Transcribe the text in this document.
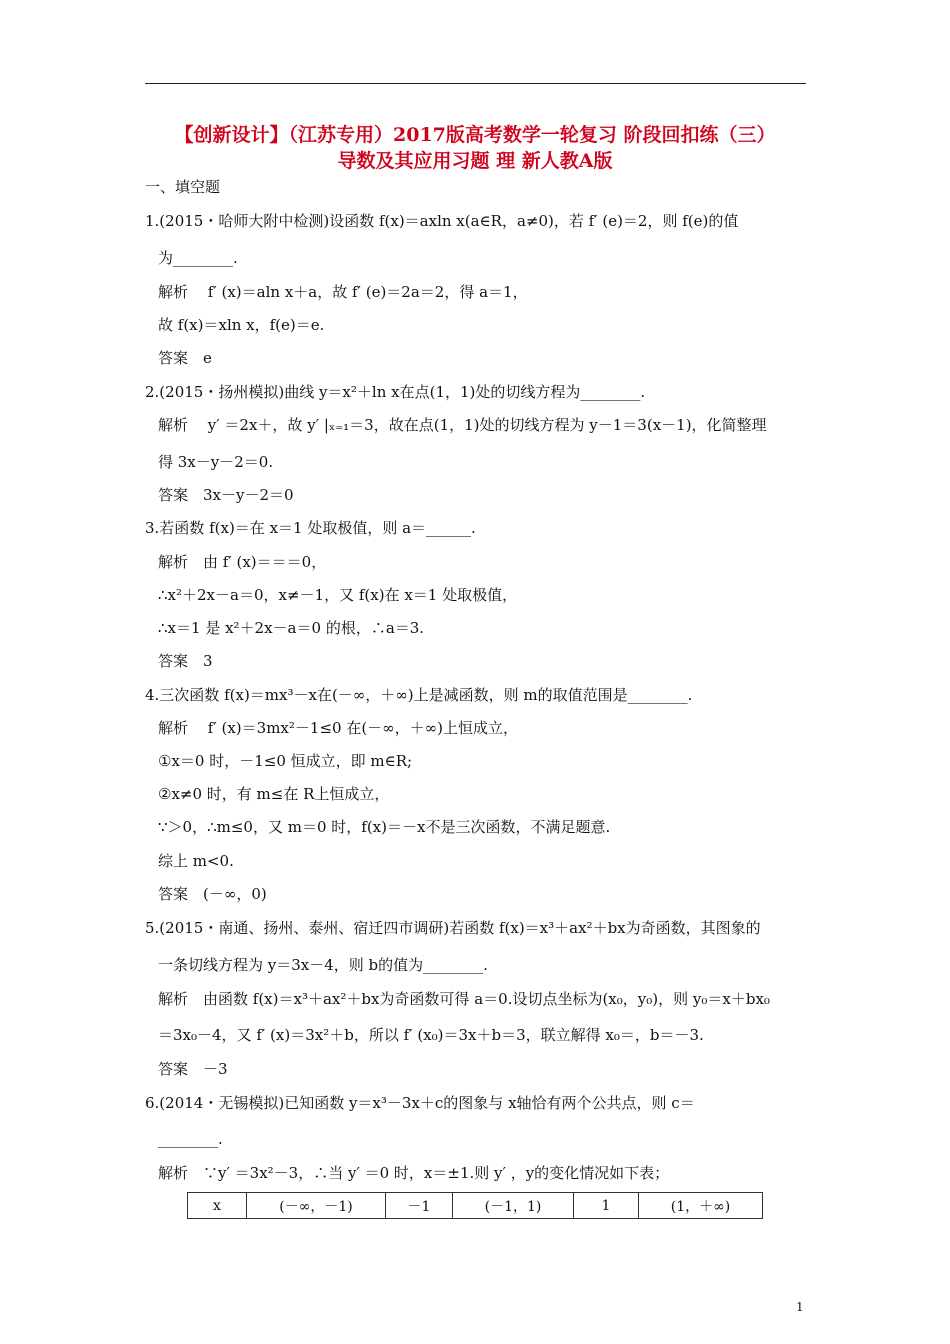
【创新设计】（江苏专用）2017版高考数学一轮复习 阶段回扣练（三）
导数及其应用习题 理 新人教A版
一、填空题
1.(2015・哈师大附中检测)设函数 f(x)＝axln x(a∈R，a≠0)，若 f′ (e)＝2，则 f(e)的值
为________.
解析　 f′ (x)＝aln x＋a，故 f′ (e)＝2a＝2，得 a＝1，
故 f(x)＝xln x，f(e)＝e.
答案　e
2.(2015・扬州模拟)曲线 y＝x²＋ln x在点(1，1)处的切线方程为________.
解析　 y′ ＝2x＋，故 y′ |ₓ₌₁＝3，故在点(1，1)处的切线方程为 y－1＝3(x－1)，化简整理
得 3x－y－2＝0.
答案　3x－y－2＝0
3.若函数 f(x)＝在 x＝1 处取极值，则 a＝______.
解析　由 f′ (x)＝＝＝0，
∴x²＋2x－a＝0，x≠－1，又 f(x)在 x＝1 处取极值，
∴x＝1 是 x²＋2x－a＝0 的根，∴a＝3.
答案　3
4.三次函数 f(x)＝mx³－x在(－∞，＋∞)上是减函数，则 m的取值范围是________.
解析　 f′ (x)＝3mx²－1≤0 在(－∞，＋∞)上恒成立，
①x＝0 时，－1≤0 恒成立，即 m∈R;
②x≠0 时，有 m≤在 R上恒成立，
∵＞0，∴m≤0，又 m＝0 时，f(x)＝－x不是三次函数，不满足题意.
综上 m<0.
答案　(－∞，0)
5.(2015・南通、扬州、泰州、宿迁四市调研)若函数 f(x)＝x³＋ax²＋bx为奇函数，其图象的
一条切线方程为 y＝3x－4，则 b的值为________.
解析　由函数 f(x)＝x³＋ax²＋bx为奇函数可得 a＝0.设切点坐标为(x₀，y₀)，则 y₀＝x＋bx₀
＝3x₀－4，又 f′ (x)＝3x²＋b，所以 f′ (x₀)＝3x＋b＝3，联立解得 x₀＝，b＝－3.
答案　－3
6.(2014・无锡模拟)已知函数 y＝x³－3x＋c的图象与 x轴恰有两个公共点，则 c＝
________.
解析　∵y′ ＝3x²－3，∴当 y′ ＝0 时，x＝±1.则 y′ ，y的变化情况如下表；
x	(－∞，－1)	－1	(－1，1)	1	(1，＋∞)
1
